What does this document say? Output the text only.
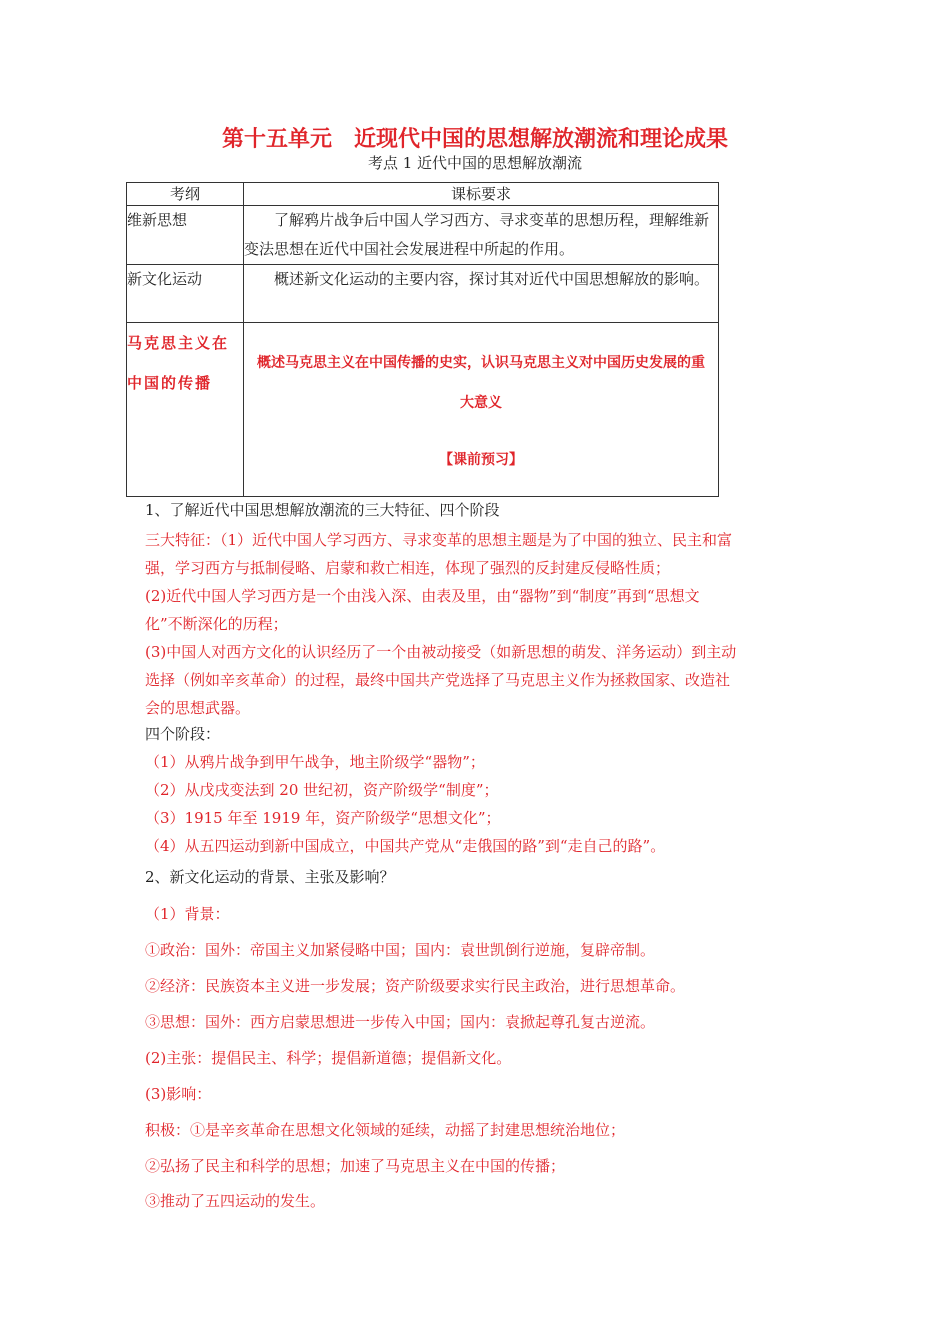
第十五单元　近现代中国的思想解放潮流和理论成果
考点 1 近代中国的思想解放潮流
考纲	课标要求
维新思想	了解鸦片战争后中国人学习西方、寻求变革的思想历程，理解维新变法思想在近代中国社会发展进程中所起的作用。
新文化运动	概述新文化运动的主要内容，探讨其对近代中国思想解放的影响。
马克思主义在中国的传播	概述马克思主义在中国传播的史实，认识马克思主义对中国历史发展的重大意义
【课前预习】
1、了解近代中国思想解放潮流的三大特征、四个阶段
三大特征：（1）近代中国人学习西方、寻求变革的思想主题是为了中国的独立、民主和富
强，学习西方与抵制侵略、启蒙和救亡相连，体现了强烈的反封建反侵略性质；
(2)近代中国人学习西方是一个由浅入深、由表及里，由“器物”到“制度”再到“思想文
化”不断深化的历程；
(3)中国人对西方文化的认识经历了一个由被动接受（如新思想的萌发、洋务运动）到主动
选择（例如辛亥革命）的过程，最终中国共产党选择了马克思主义作为拯救国家、改造社
会的思想武器。
四个阶段：
（1）从鸦片战争到甲午战争，地主阶级学“器物”；
（2）从戊戌变法到 20 世纪初，资产阶级学“制度”；
（3）1915 年至 1919 年，资产阶级学“思想文化”；
（4）从五四运动到新中国成立，中国共产党从“走俄国的路”到“走自己的路”。
2、新文化运动的背景、主张及影响？
（1）背景：
①政治：国外：帝国主义加紧侵略中国；国内：袁世凯倒行逆施，复辟帝制。
②经济：民族资本主义进一步发展；资产阶级要求实行民主政治，进行思想革命。
③思想：国外：西方启蒙思想进一步传入中国；国内：袁掀起尊孔复古逆流。
(2)主张：提倡民主、科学；提倡新道德；提倡新文化。
(3)影响：
积极：①是辛亥革命在思想文化领域的延续，动摇了封建思想统治地位；
②弘扬了民主和科学的思想；加速了马克思主义在中国的传播；
③推动了五四运动的发生。
